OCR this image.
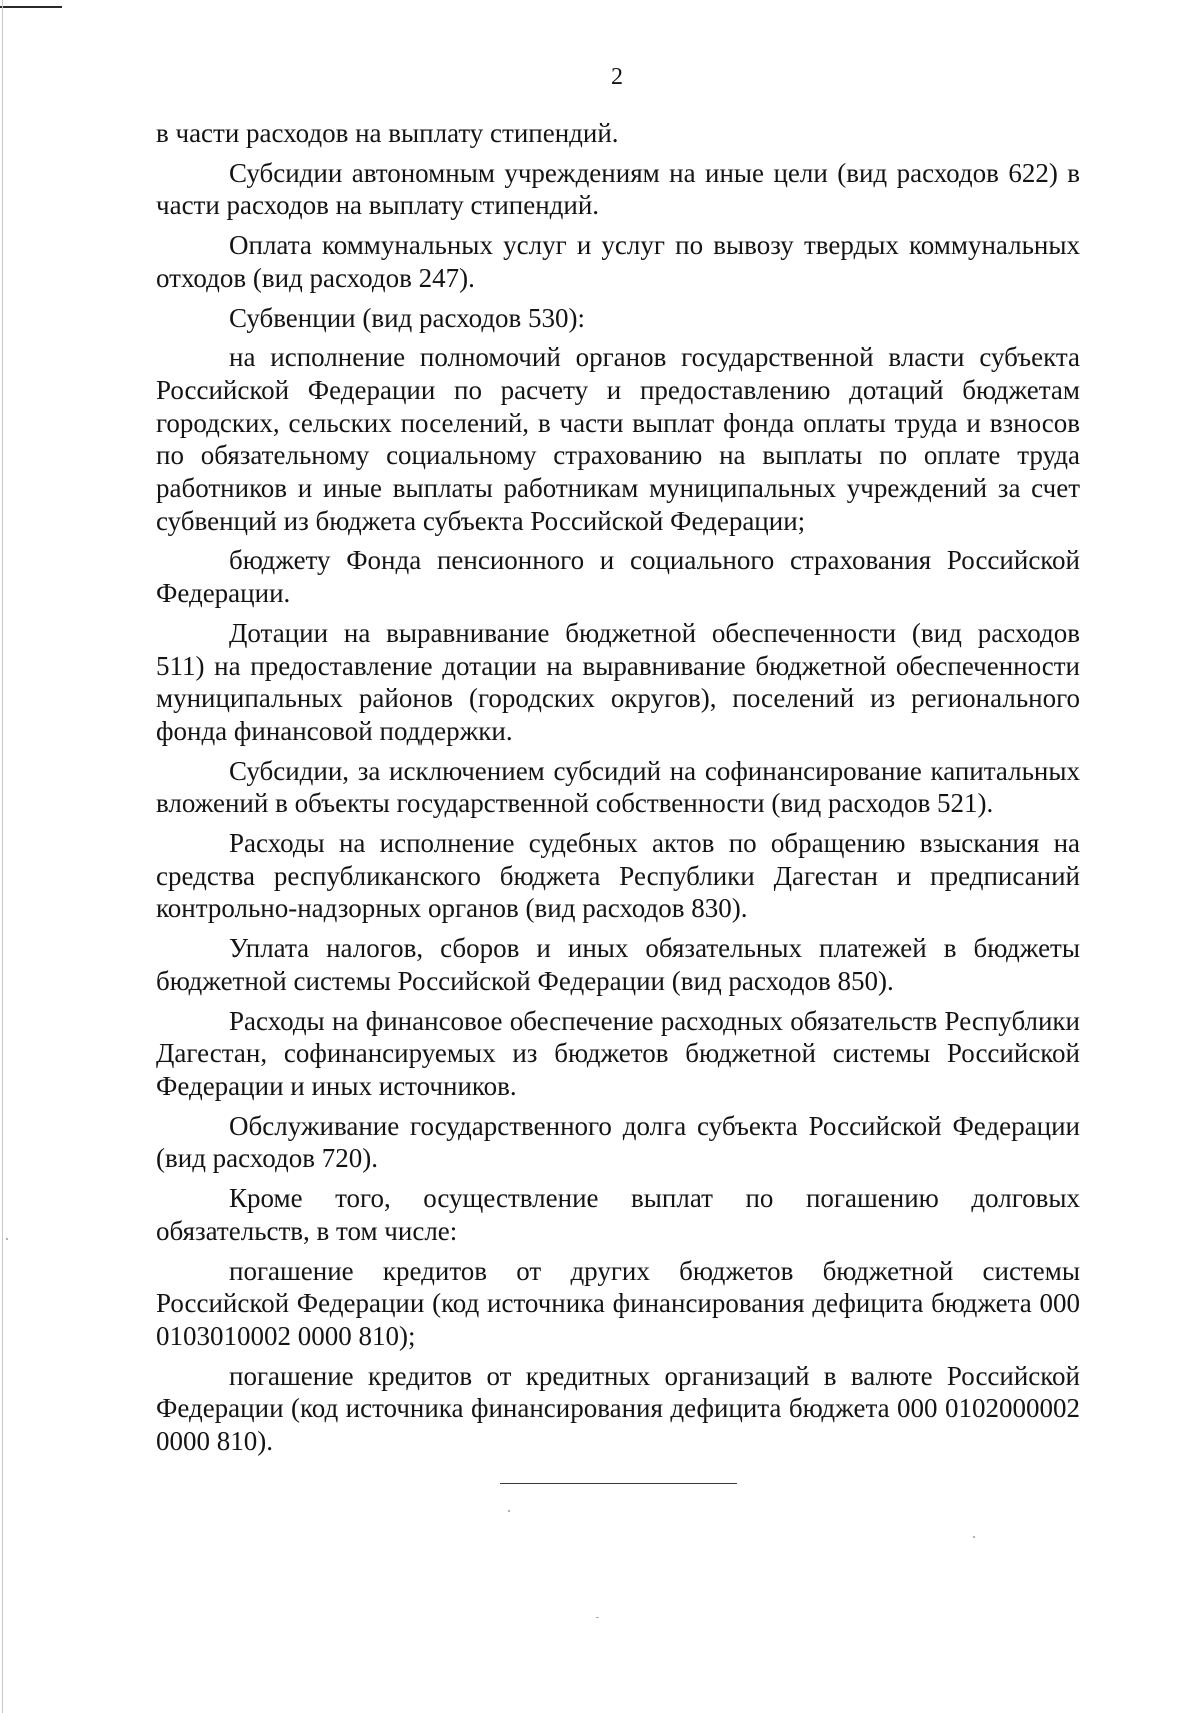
2

в части расходов на выплату стипендий.

Субсидии автономным учреждениям на иные цели (вид расходов 622) в части расходов на выплату стипендий.

Оплата коммунальных услуг и услуг по вывозу твердых коммунальных отходов (вид расходов 247).

Субвенции (вид расходов 530):

на исполнение полномочий органов государственной власти субъекта Российской Федерации по расчету и предоставлению дотаций бюджетам городских, сельских поселений, в части выплат фонда оплаты труда и взносов по обязательному социальному страхованию на выплаты по оплате труда работников и иные выплаты работникам муниципальных учреждений за счет субвенций из бюджета субъекта Российской Федерации;

бюджету Фонда пенсионного и социального страхования Российской Федерации.

Дотации на выравнивание бюджетной обеспеченности (вид расходов 511) на предоставление дотации на выравнивание бюджетной обеспеченности муниципальных районов (городских округов), поселений из регионального фонда финансовой поддержки.

Субсидии, за исключением субсидий на софинансирование капитальных вложений в объекты государственной собственности (вид расходов 521).

Расходы на исполнение судебных актов по обращению взыскания на средства республиканского бюджета Республики Дагестан и предписаний контрольно-надзорных органов (вид расходов 830).

Уплата налогов, сборов и иных обязательных платежей в бюджеты бюджетной системы Российской Федерации (вид расходов 850).

Расходы на финансовое обеспечение расходных обязательств Республики Дагестан, софинансируемых из бюджетов бюджетной системы Российской Федерации и иных источников.

Обслуживание государственного долга субъекта Российской Федерации (вид расходов 720).

Кроме того, осуществление выплат по погашению долговых обязательств, в том числе:

погашение кредитов от других бюджетов бюджетной системы Российской Федерации (код источника финансирования дефицита бюджета 000 0103010002 0000 810);

погашение кредитов от кредитных организаций в валюте Российской Федерации (код источника финансирования дефицита бюджета 000 0102000002 0000 810).
